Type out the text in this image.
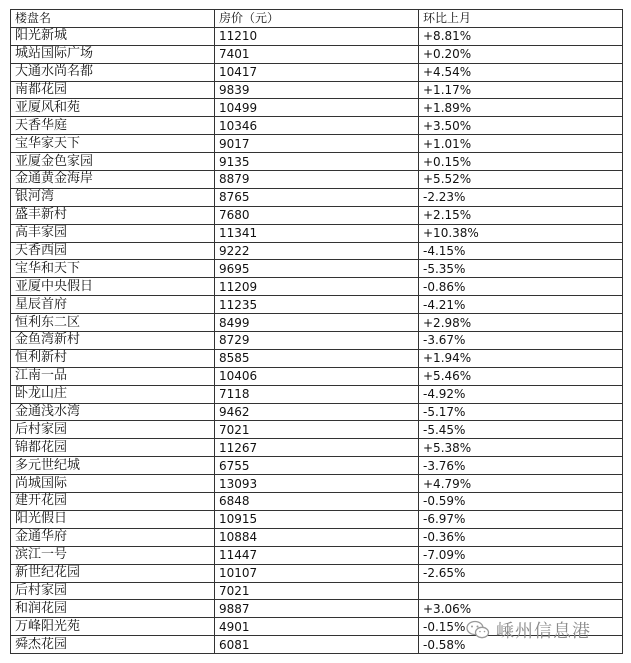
楼盘名	房价（元）	环比上月
阳光新城	11210	+8.81%
城站国际广场	7401	+0.20%
大通水尚名都	10417	+4.54%
南都花园	9839	+1.17%
亚厦风和苑	10499	+1.89%
天香华庭	10346	+3.50%
宝华家天下	9017	+1.01%
亚厦金色家园	9135	+0.15%
金通黄金海岸	8879	+5.52%
银河湾	8765	-2.23%
盛丰新村	7680	+2.15%
高丰家园	11341	+10.38%
天香西园	9222	-4.15%
宝华和天下	9695	-5.35%
亚厦中央假日	11209	-0.86%
星辰首府	11235	-4.21%
恒利东二区	8499	+2.98%
金鱼湾新村	8729	-3.67%
恒利新村	8585	+1.94%
江南一品	10406	+5.46%
卧龙山庄	7118	-4.92%
金通浅水湾	9462	-5.17%
后村家园	7021	-5.45%
锦都花园	11267	+5.38%
多元世纪城	6755	-3.76%
尚城国际	13093	+4.79%
建开花园	6848	-0.59%
阳光假日	10915	-6.97%
金通华府	10884	-0.36%
滨江一号	11447	-7.09%
新世纪花园	10107	-2.65%
后村家园	7021	
和润花园	9887	+3.06%
万峰阳光苑	4901	-0.15%
舜杰花园	6081	-0.58%
嵊州信息港
